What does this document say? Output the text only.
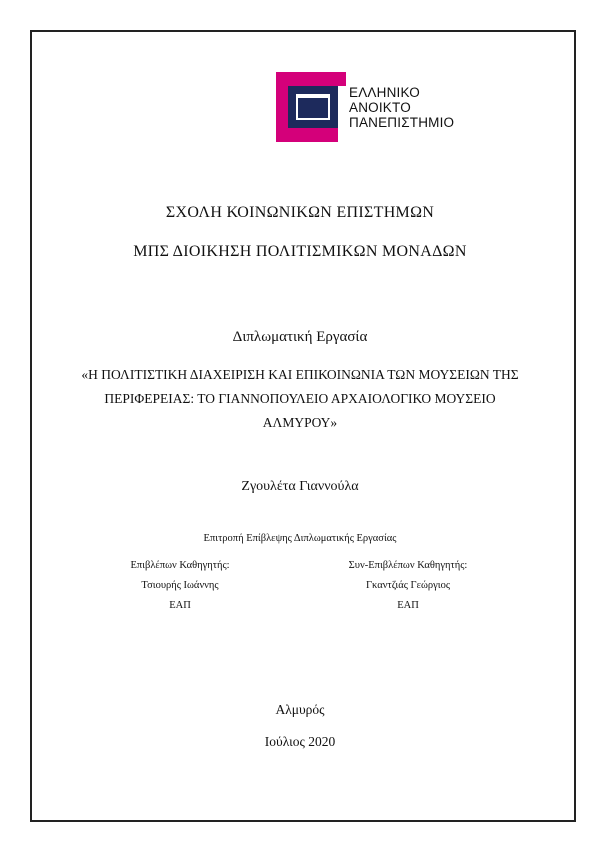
ΕΛΛΗΝΙΚΟ
ΑΝΟΙΚΤΟ
ΠΑΝΕΠΙΣΤΗΜΙΟ
ΣΧΟΛΗ ΚΟΙΝΩΝΙΚΩΝ ΕΠΙΣΤΗΜΩΝ
ΜΠΣ ΔΙΟΙΚΗΣΗ ΠΟΛΙΤΙΣΜΙΚΩΝ ΜΟΝΑΔΩΝ
Διπλωματική Εργασία
«Η ΠΟΛΙΤΙΣΤΙΚΗ ΔΙΑΧΕΙΡΙΣΗ ΚΑΙ ΕΠΙΚΟΙΝΩΝΙΑ ΤΩΝ ΜΟΥΣΕΙΩΝ ΤΗΣ
ΠΕΡΙΦΕΡΕΙΑΣ: ΤΟ ΓΙΑΝΝΟΠΟΥΛΕΙΟ ΑΡΧΑΙΟΛΟΓΙΚΟ ΜΟΥΣΕΙΟ
ΑΛΜΥΡΟΥ»
Ζγουλέτα Γιαννούλα
Επιτροπή Επίβλεψης Διπλωματικής Εργασίας
Επιβλέπων Καθηγητής:
Τσιουρής Ιωάννης
ΕΑΠ
Συν-Επιβλέπων Καθηγητής:
Γκαντζιάς Γεώργιος
ΕΑΠ
Αλμυρός
Ιούλιος 2020
